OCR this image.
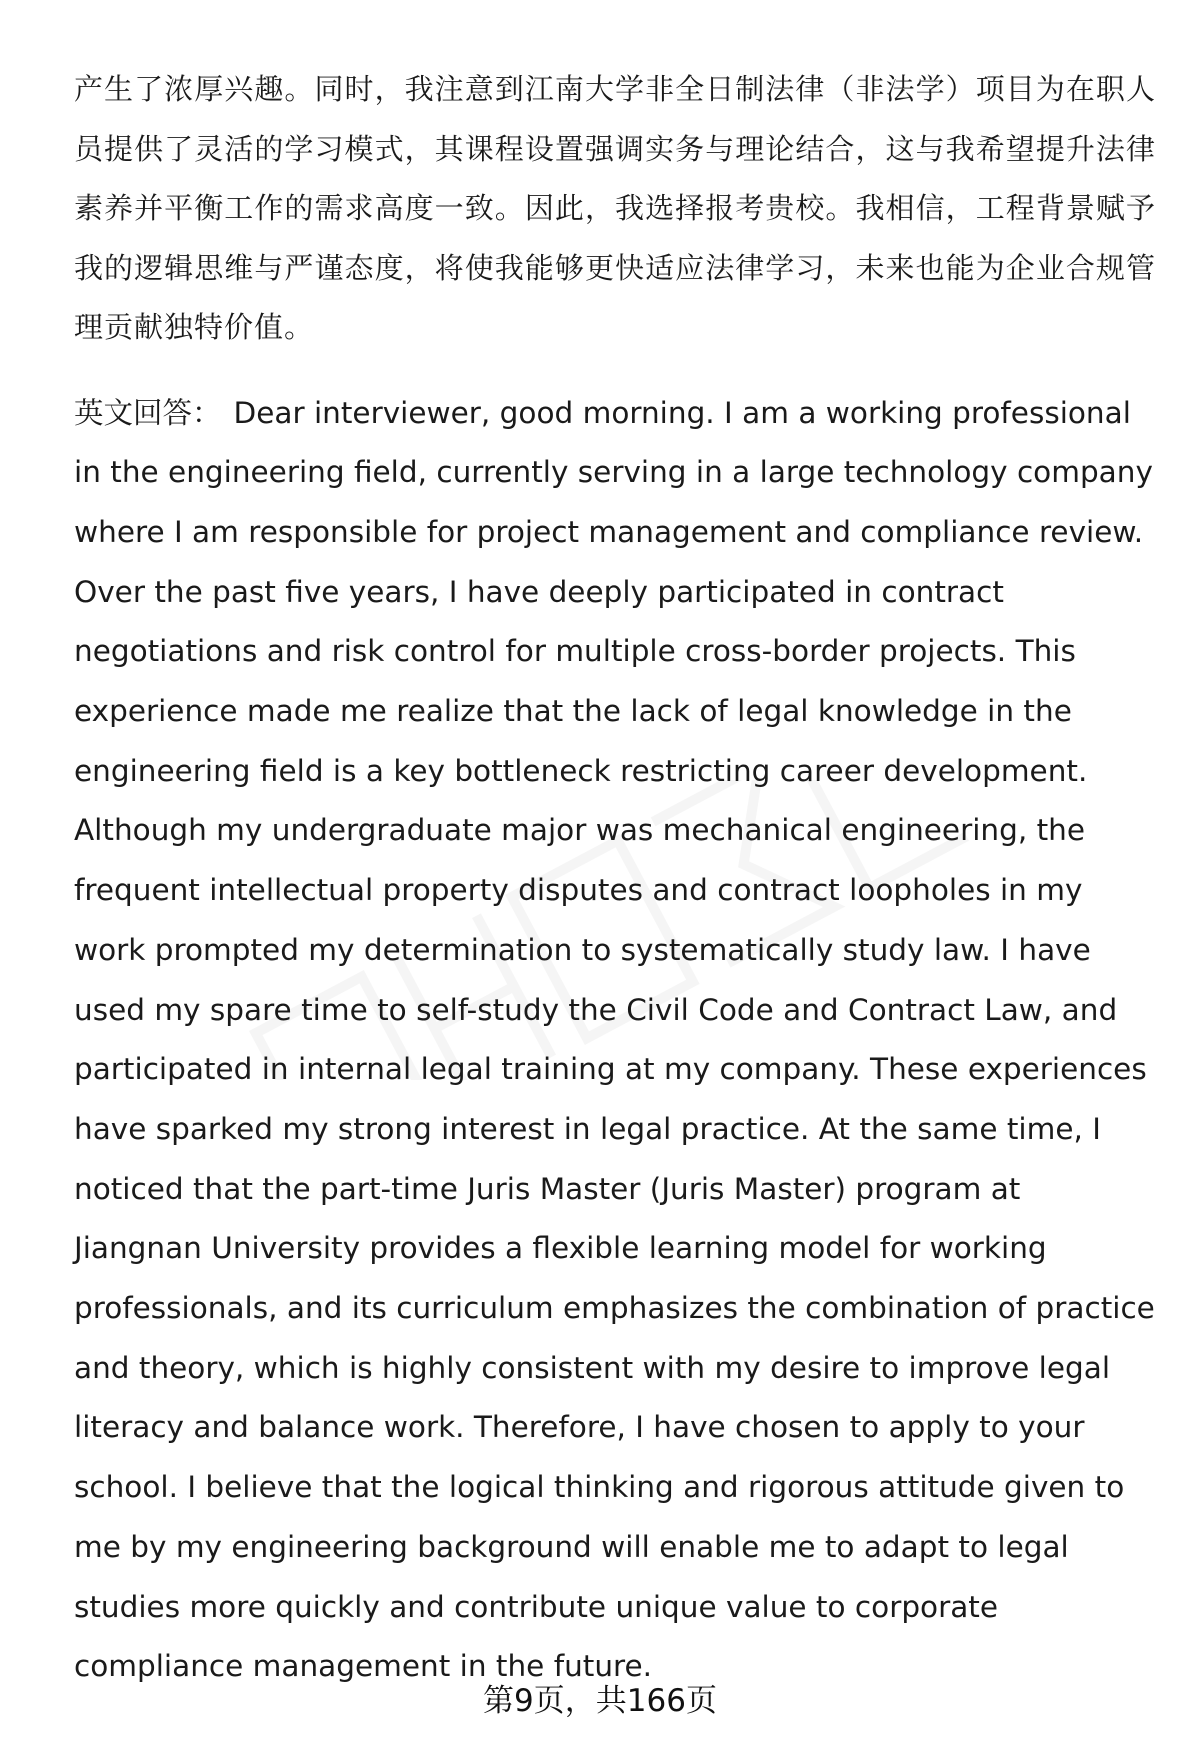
产生了浓厚兴趣。同时，我注意到江南大学非全日制法律（非法学）项目为在职人员提供了灵活的学习模式，其课程设置强调实务与理论结合，这与我希望提升法律素养并平衡工作的需求高度一致。因此，我选择报考贵校。我相信，工程背景赋予我的逻辑思维与严谨态度，将使我能够更快适应法律学习，未来也能为企业合规管理贡献独特价值。

英文回答： Dear interviewer, good morning. I am a working professional in the engineering field, currently serving in a large technology company where I am responsible for project management and compliance review. Over the past five years, I have deeply participated in contract negotiations and risk control for multiple cross-border projects. This experience made me realize that the lack of legal knowledge in the engineering field is a key bottleneck restricting career development. Although my undergraduate major was mechanical engineering, the frequent intellectual property disputes and contract loopholes in my work prompted my determination to systematically study law. I have used my spare time to self-study the Civil Code and Contract Law, and participated in internal legal training at my company. These experiences have sparked my strong interest in legal practice. At the same time, I noticed that the part-time Juris Master (Juris Master) program at Jiangnan University provides a flexible learning model for working professionals, and its curriculum emphasizes the combination of practice and theory, which is highly consistent with my desire to improve legal literacy and balance work. Therefore, I have chosen to apply to your school. I believe that the logical thinking and rigorous attitude given to me by my engineering background will enable me to adapt to legal studies more quickly and contribute unique value to corporate compliance management in the future.

第9页，共166页
